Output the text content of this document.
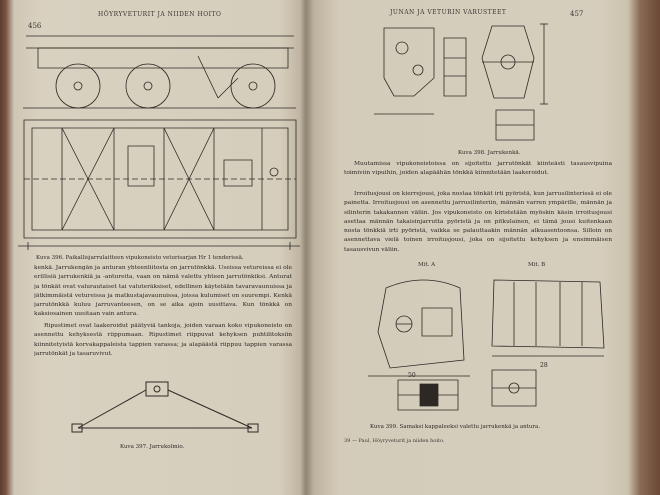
456
HÖYRYVETURIT JA NIIDEN HOITO
Kuva 396. Paikallisjarrulaitteen vipukoneisto veturisarjan Hr 1 tenderissä.

kenkä. Jarrukengän ja anturan yhteenliitosta on jarrutönkkä. Useissa vetureissa ei ole erillisiä jarrukenkiä ja -antureita, vaan on nämä valettu yhteen jarrutönkiksi. Anturat ja tönkät ovat valurautaiset tai valuteräksiset, edellinen käytetään tavaravaunuissa ja jätkimmäistä vetureissa ja matkustajavaunuissa, joissa kulumiset on suurempi. Kenkä jarrutönkkä kuluu jarruvanteesen, on se aika ajoin uusittava. Kun tönkkä on kaksiosainen uusitaan vain antura.

Ripustimet ovat laakeroidut päätyviä tankoja, joiden varaan koko vipukoneisto on asennettu kehyksestä riippumaan. Ripustimet riippuvat kehyksen puhtilitoksiin kiinnitetyistä korvakappaleista tappien varassa; ja alapäästä riippuu tappien varassa jarrutönkät ja tasaruvivut.

Kuva 397. Jarrukolmio.
JUNAN JA VETURIN VARUSTEET	457
Kuva 398. Jarrukenkä.

Muutamissa vipukoneistoissa on sijoitettu jarrutönkät kiinteästi tasausvipuina toimiviin vipuihin, joiden alapäähän tönkkä kiinnitetään laakeroidut.

Irroitusjousi on kierrejousi, joka nostaa tönkät irti pyöristä, kun jarrusilinterissä ei ole painetta. Irroitusjousi on asennettu jarrusilinteriin, männän varren ympärille, männän ja silinterin takakannen väliin. Jos vipukoneisto on kiristetään myöskin käsin irroitusjousi asettaa männän takaisinjarrutta pyöristä ja on pitkulainen, ei tämä jousi kuitenkaan nosta tönkkiä irti pyöristä, vaikka se palauttaakin männän alkuasentoonsa. Silloin on asennettava vielä toinen irroitusjousi, joka on sijoitettu kehyksen ja ensimmäisen tasausvivun väliin.

Mit. A	Mit. B
50
28
Kuva 399. Samaksi kappaleeksi valettu jarrukenkä ja antura.
39 — Paul, Höyryveturit ja niiden hoito.
